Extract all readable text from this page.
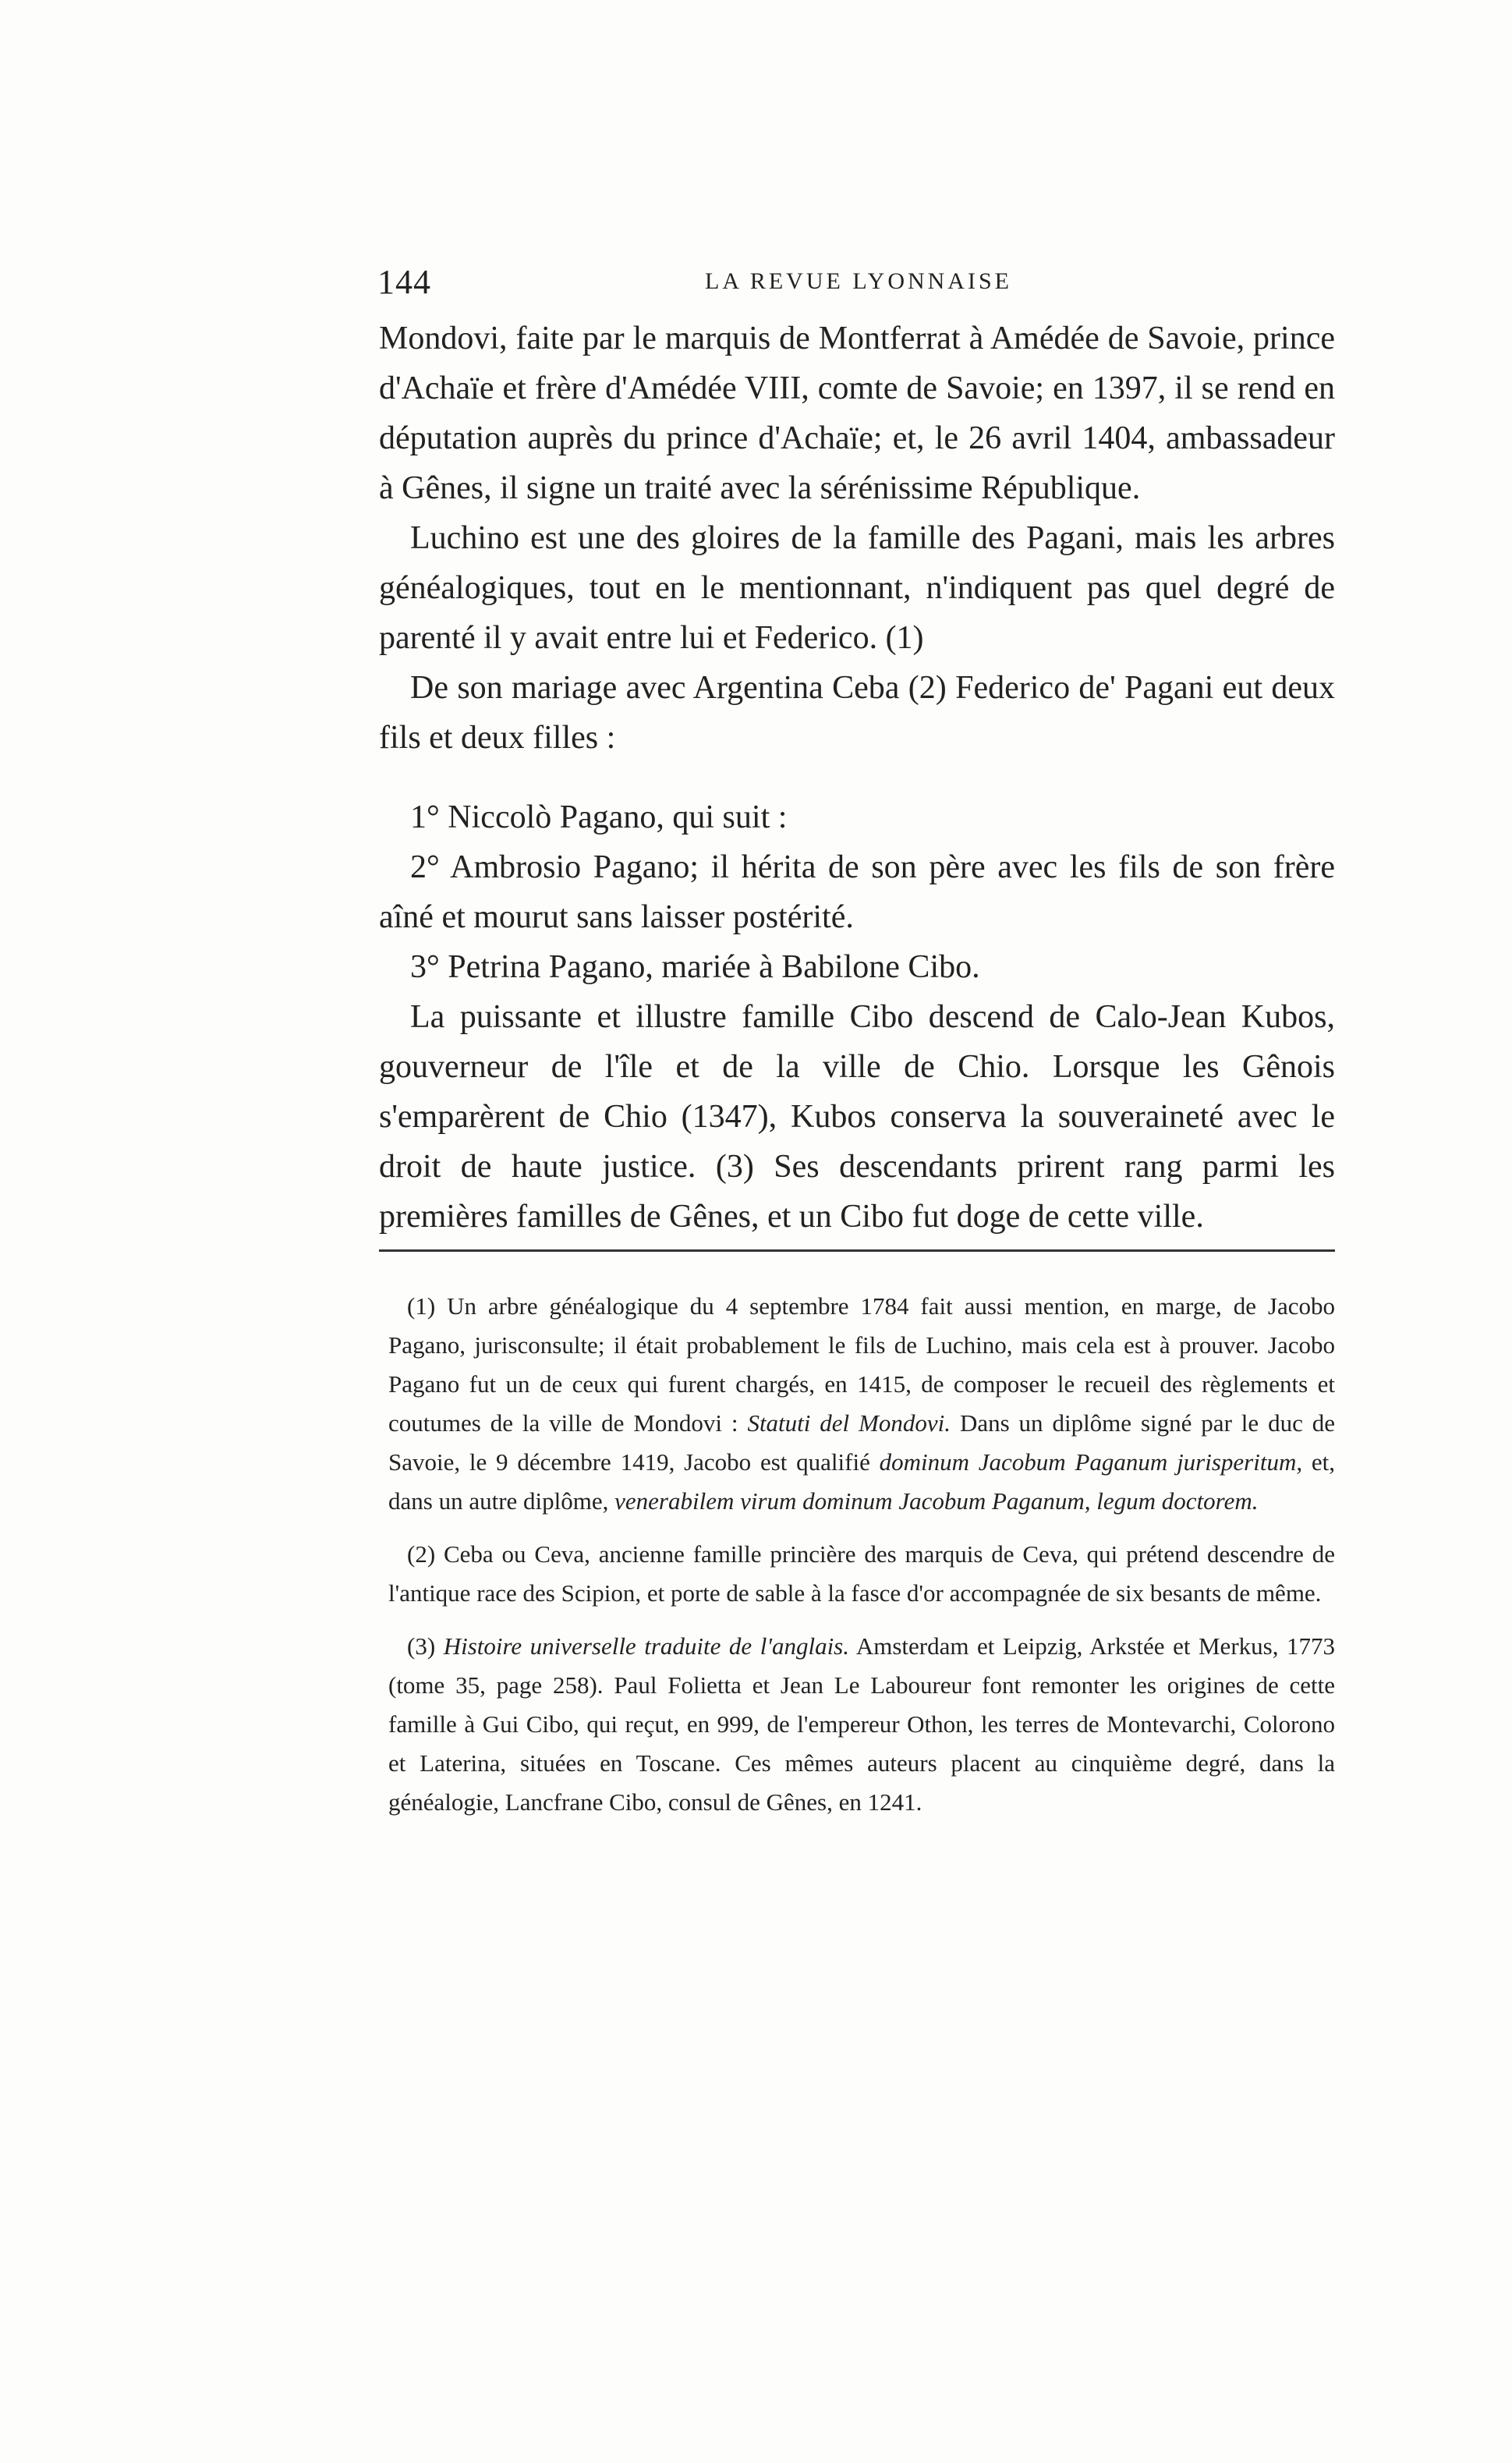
144	LA REVUE LYONNAISE

Mondovi, faite par le marquis de Montferrat à Amédée de Savoie, prince d'Achaïe et frère d'Amédée VIII, comte de Savoie; en 1397, il se rend en députation auprès du prince d'Achaïe; et, le 26 avril 1404, ambassadeur à Gênes, il signe un traité avec la sérénissime République.

Luchino est une des gloires de la famille des Pagani, mais les arbres généalogiques, tout en le mentionnant, n'indiquent pas quel degré de parenté il y avait entre lui et Federico. (1)

De son mariage avec Argentina Ceba (2) Federico de' Pagani eut deux fils et deux filles :

1° Niccolò Pagano, qui suit :

2° Ambrosio Pagano; il hérita de son père avec les fils de son frère aîné et mourut sans laisser postérité.

3° Petrina Pagano, mariée à Babilone Cibo.

La puissante et illustre famille Cibo descend de Calo-Jean Kubos, gouverneur de l'île et de la ville de Chio. Lorsque les Gênois s'emparèrent de Chio (1347), Kubos conserva la souveraineté avec le droit de haute justice. (3) Ses descendants prirent rang parmi les premières familles de Gênes, et un Cibo fut doge de cette ville.

(1) Un arbre généalogique du 4 septembre 1784 fait aussi mention, en marge, de Jacobo Pagano, jurisconsulte; il était probablement le fils de Luchino, mais cela est à prouver. Jacobo Pagano fut un de ceux qui furent chargés, en 1415, de composer le recueil des règlements et coutumes de la ville de Mondovi : Statuti del Mondovi. Dans un diplôme signé par le duc de Savoie, le 9 décembre 1419, Jacobo est qualifié dominum Jacobum Paganum jurisperitum, et, dans un autre diplôme, venerabilem virum dominum Jacobum Paganum, legum doctorem.

(2) Ceba ou Ceva, ancienne famille princière des marquis de Ceva, qui prétend descendre de l'antique race des Scipion, et porte de sable à la fasce d'or accompagnée de six besants de même.

(3) Histoire universelle traduite de l'anglais. Amsterdam et Leipzig, Arkstée et Merkus, 1773 (tome 35, page 258). Paul Folietta et Jean Le Laboureur font remonter les origines de cette famille à Gui Cibo, qui reçut, en 999, de l'empereur Othon, les terres de Montevarchi, Colorono et Laterina, situées en Toscane. Ces mêmes auteurs placent au cinquième degré, dans la généalogie, Lancfrane Cibo, consul de Gênes, en 1241.
